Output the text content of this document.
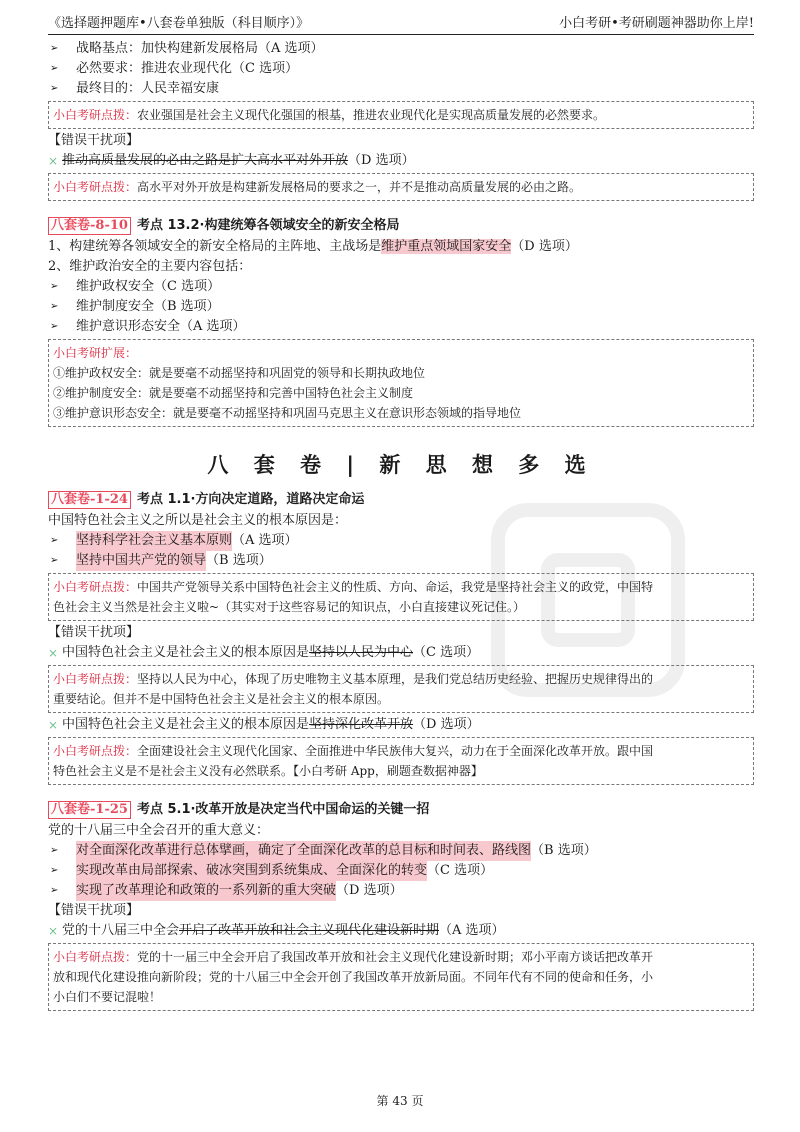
《选择题押题库•八套卷单独版（科目顺序）》	小白考研•考研刷题神器助你上岸!
➢	战略基点：加快构建新发展格局（A 选项）
➢	必然要求：推进农业现代化（C 选项）
➢	最终目的：人民幸福安康
小白考研点拨：农业强国是社会主义现代化强国的根基，推进农业现代化是实现高质量发展的必然要求。
【错误干扰项】
× 推动高质量发展的必由之路是扩大高水平对外开放 （D 选项）
小白考研点拨：高水平对外开放是构建新发展格局的要求之一，并不是推动高质量发展的必由之路。
八套卷-8-10 考点 13.2·构建统筹各领域安全的新安全格局
1、构建统筹各领域安全的新安全格局的主阵地、主战场是维护重点领域国家安全（D 选项）
2、维护政治安全的主要内容包括：
➢	维护政权安全（C 选项）
➢	维护制度安全（B 选项）
➢	维护意识形态安全（A 选项）
小白考研扩展：
①维护政权安全：就是要毫不动摇坚持和巩固党的领导和长期执政地位
②维护制度安全：就是要毫不动摇坚持和完善中国特色社会主义制度
③维护意识形态安全：就是要毫不动摇坚持和巩固马克思主义在意识形态领域的指导地位
八 套 卷 | 新 思 想 多 选
八套卷-1-24 考点 1.1·方向决定道路，道路决定命运
中国特色社会主义之所以是社会主义的根本原因是：
➢	坚持科学社会主义基本原则 （A 选项）
➢	坚持中国共产党的领导 （B 选项）
小白考研点拨：中国共产党领导关系中国特色社会主义的性质、方向、命运，我党是坚持社会主义的政党，中国特
色社会主义当然是社会主义啦~（其实对于这些容易记的知识点，小白直接建议死记住。）
【错误干扰项】
× 中国特色社会主义是社会主义的根本原因是 坚持以人民为中心 （C 选项）
小白考研点拨：坚持以人民为中心，体现了历史唯物主义基本原理，是我们党总结历史经验、把握历史规律得出的
重要结论。但并不是中国特色社会主义是社会主义的根本原因。
× 中国特色社会主义是社会主义的根本原因是 坚持深化改革开放 （D 选项）
小白考研点拨：全面建设社会主义现代化国家、全面推进中华民族伟大复兴，动力在于全面深化改革开放。跟中国
特色社会主义是不是社会主义没有必然联系。【小白考研 App，刷题查数据神器】
八套卷-1-25 考点 5.1·改革开放是决定当代中国命运的关键一招
党的十八届三中全会召开的重大意义：
➢	对全面深化改革进行总体擘画，确定了全面深化改革的总目标和时间表、路线图 （B 选项）
➢	实现改革由局部探索、破冰突围到系统集成、全面深化的转变 （C 选项）
➢	实现了改革理论和政策的一系列新的重大突破 （D 选项）
【错误干扰项】
× 党的十八届三中全会 开启了改革开放和社会主义现代化建设新时期 （A 选项）
小白考研点拨：党的十一届三中全会开启了我国改革开放和社会主义现代化建设新时期；邓小平南方谈话把改革开
放和现代化建设推向新阶段；党的十八届三中全会开创了我国改革开放新局面。不同年代有不同的使命和任务，小
小白们不要记混啦！
第 43 页
